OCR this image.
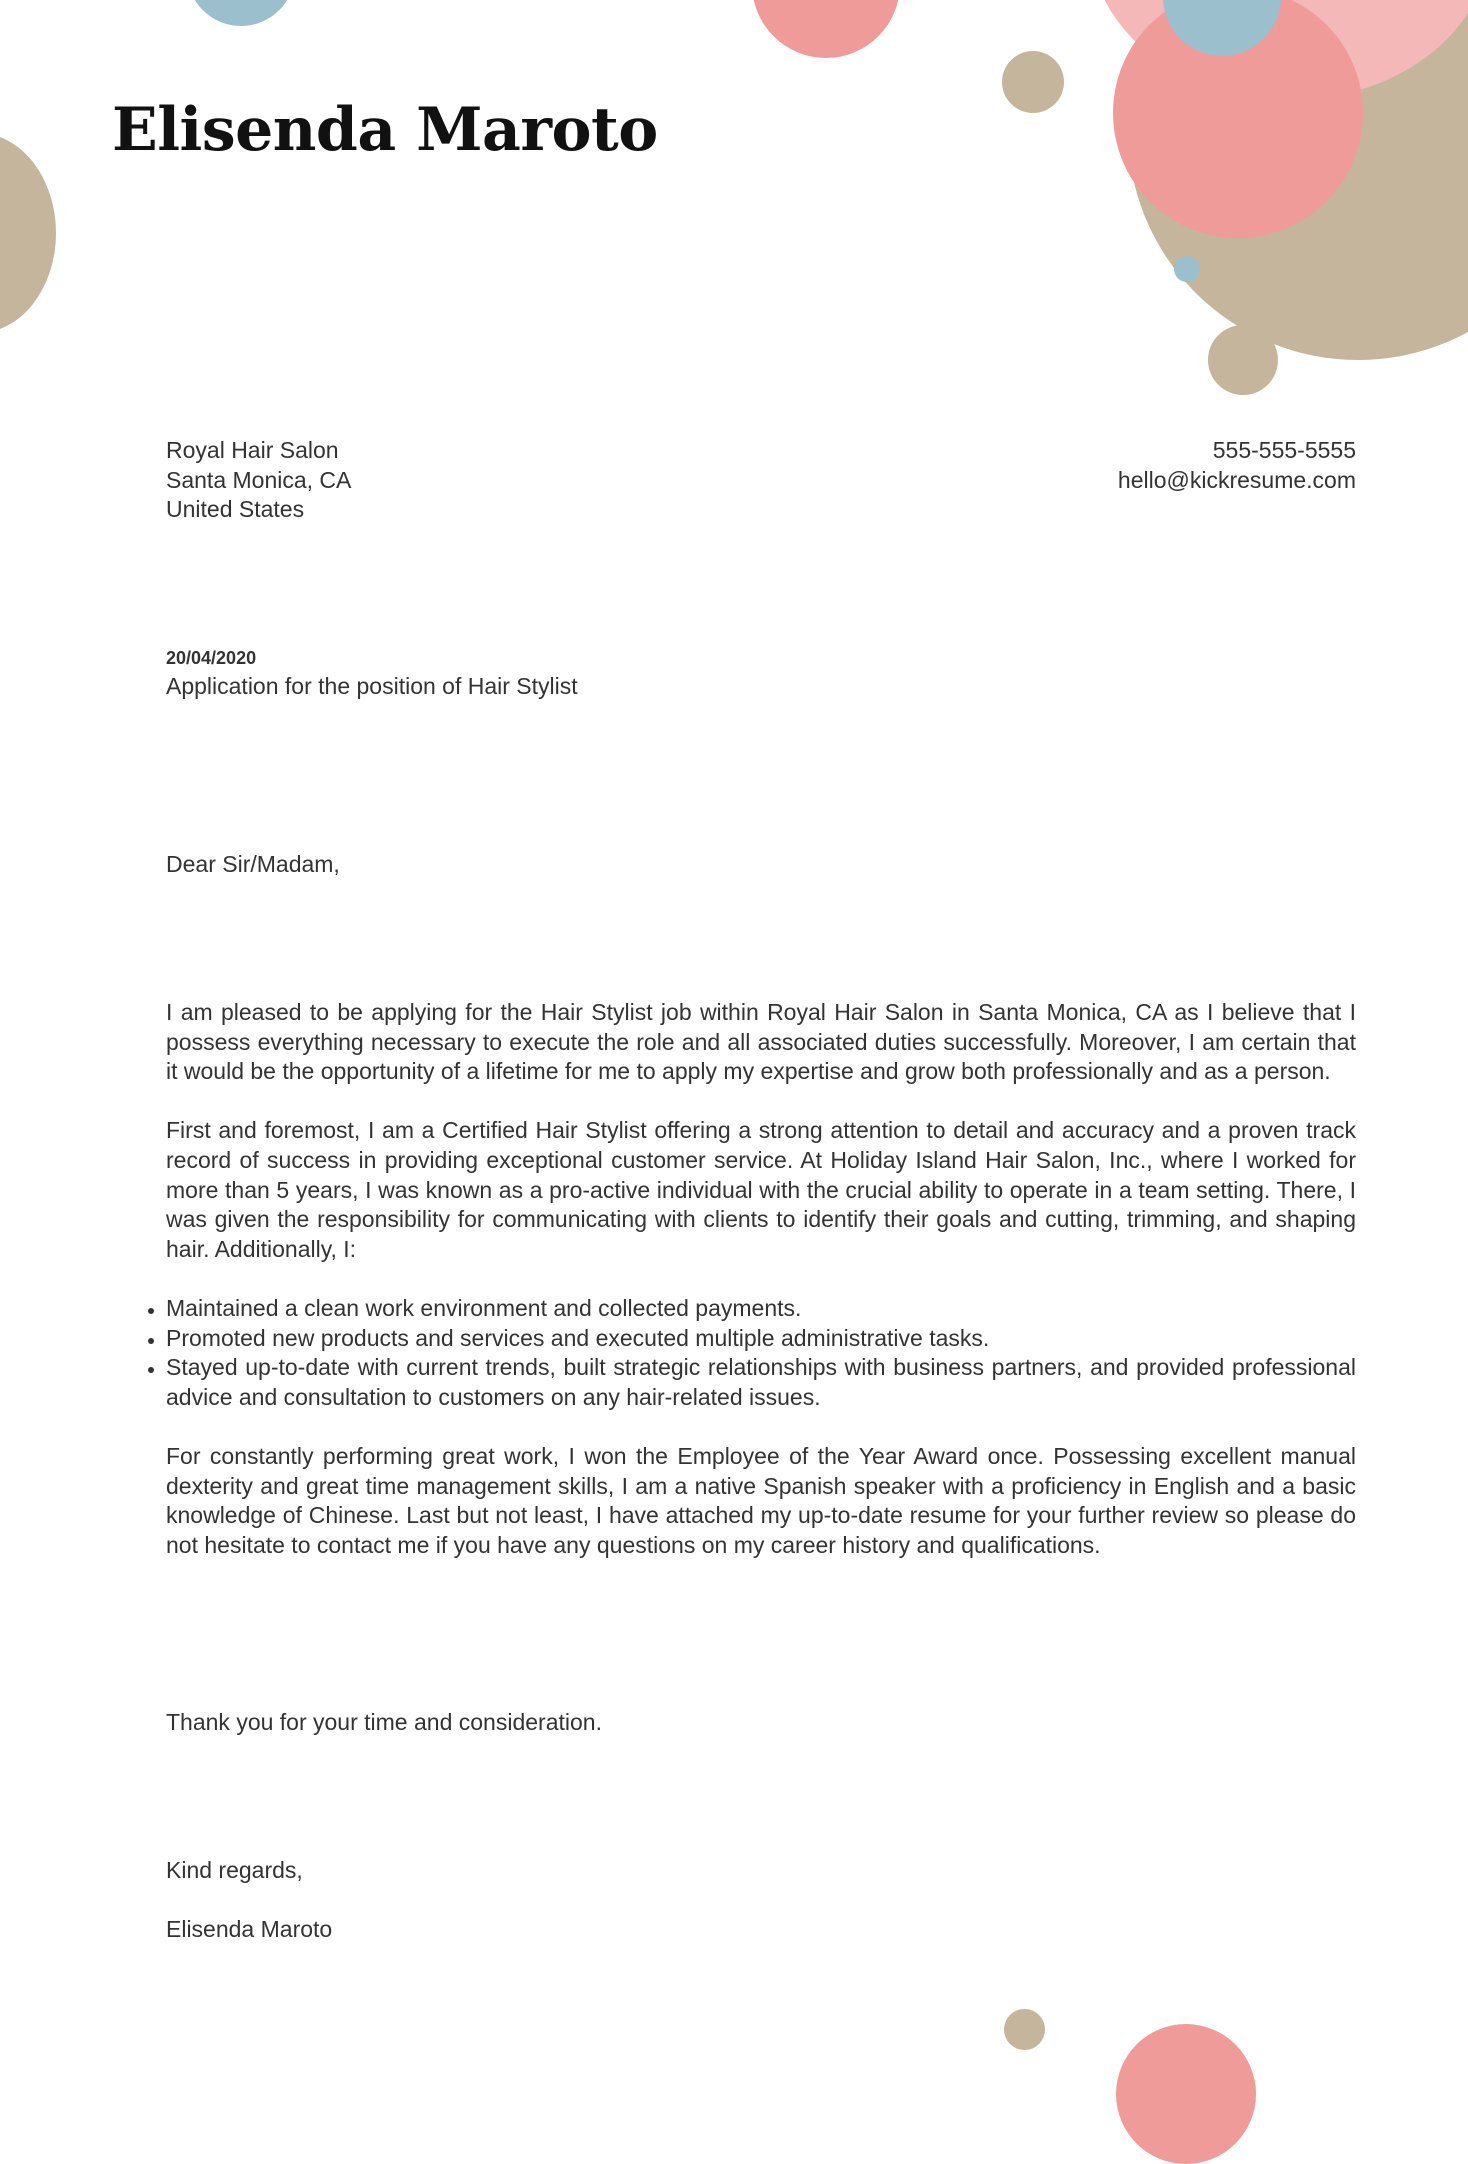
Elisenda Maroto
Royal Hair Salon
Santa Monica, CA
United States
555-555-5555
hello@kickresume.com
20/04/2020
Application for the position of Hair Stylist
Dear Sir/Madam,

I am pleased to be applying for the Hair Stylist job within Royal Hair Salon in Santa Monica, CA as I believe that I possess everything necessary to execute the role and all associated duties successfully. Moreover, I am certain that it would be the opportunity of a lifetime for me to apply my expertise and grow both professionally and as a person.

First and foremost, I am a Certified Hair Stylist offering a strong attention to detail and accuracy and a proven track record of success in providing exceptional customer service. At Holiday Island Hair Salon, Inc., where I worked for more than 5 years, I was known as a pro-active individual with the crucial ability to operate in a team setting. There, I was given the responsibility for communicating with clients to identify their goals and cutting, trimming, and shaping hair. Additionally, I:

• Maintained a clean work environment and collected payments.
• Promoted new products and services and executed multiple administrative tasks.
• Stayed up-to-date with current trends, built strategic relationships with business partners, and provided professional advice and consultation to customers on any hair-related issues.

For constantly performing great work, I won the Employee of the Year Award once. Possessing excellent manual dexterity and great time management skills, I am a native Spanish speaker with a proficiency in English and a basic knowledge of Chinese. Last but not least, I have attached my up-to-date resume for your further review so please do not hesitate to contact me if you have any questions on my career history and qualifications.

Thank you for your time and consideration.
Kind regards,
Elisenda Maroto
